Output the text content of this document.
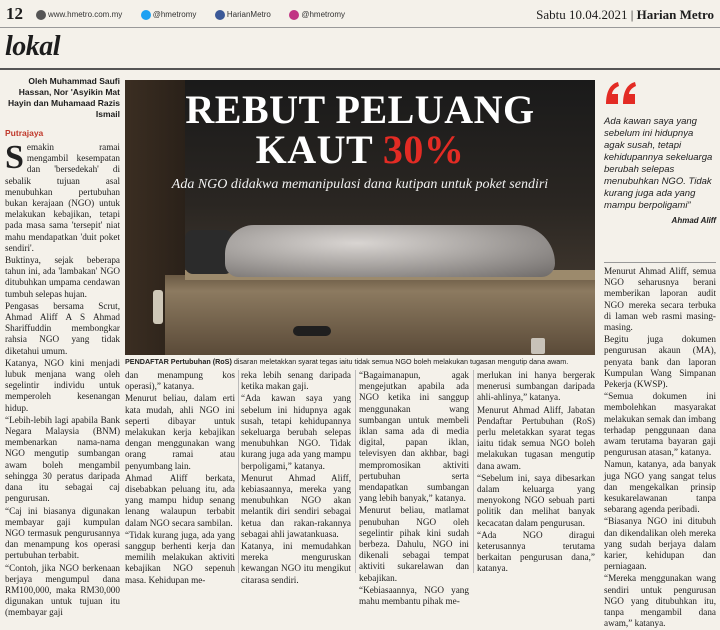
12	www.hmetro.com.my	@hmetromy	HarianMetro	@hmetromy	Sabtu 10.04.2021 | Harian Metro
lokal
Oleh Muhammad Saufi Hassan, Nor 'Asyikin Mat Hayin dan Muhamaad Razis Ismail
Putrajaya

Semakin ramai mengambil kesempatan dan 'bersedekah' di sebalik tujuan asal menubuhkan pertubuhan bukan kerajaan (NGO) untuk melakukan kebajikan, tetapi pada masa sama 'tersepit' niat mahu mendapatkan 'duit poket sendiri'.

Buktinya, sejak beberapa tahun ini, ada 'lambakan' NGO ditubuhkan umpama cendawan tumbuh selepas hujan.

Pengasas bersama Scrut, Ahmad Aliff A S Ahmad Shariffuddin membongkar rahsia NGO yang tidak diketahui umum.

Katanya, NGO kini menjadi lubuk menjana wang oleh segelintir individu untuk memperoleh kesenangan hidup.

“Lebih-lebih lagi apabila Bank Negara Malaysia (BNM) membenarkan nama-nama NGO mengutip sumbangan awam boleh mengambil sehingga 30 peratus daripada dana itu sebagai caj pengurusan.

“Caj ini biasanya digunakan membayar gaji kumpulan NGO termasuk pengurusannya dan menampung kos operasi pertubuhan terbabit.

“Contoh, jika NGO berkenaan berjaya mengumpul dana RM100,000, maka RM30,000 digunakan untuk tujuan itu (membayar gaji

REBUT PELUANG
KAUT 30%
Ada NGO didakwa memanipulasi dana kutipan untuk poket sendiri
PENDAFTAR Pertubuhan (RoS) disaran meletakkan syarat tegas iaitu tidak semua NGO boleh melakukan tugasan mengutip dana awam.

dan menampung kos operasi),” katanya.

Menurut beliau, dalam erti kata mudah, ahli NGO ini seperti dibayar untuk melakukan kerja kebajikan dengan menggunakan wang orang ramai atau penyumbang lain.

Ahmad Aliff berkata, disebabkan peluang itu, ada yang mampu hidup senang lenang walaupun terbabit dalam NGO secara sambilan.

“Tidak kurang juga, ada yang sanggup berhenti kerja dan memilih melakukan aktiviti kebajikan NGO sepenuh masa. Kehidupan me-

reka lebih senang daripada ketika makan gaji.

“Ada kawan saya yang sebelum ini hidupnya agak susah, tetapi kehidupannya sekeluarga berubah selepas menubuhkan NGO. Tidak kurang juga ada yang mampu berpoligami,” katanya.

Menurut Ahmad Aliff, kebiasaannya, mereka yang menubuhkan NGO akan melantik diri sendiri sebagai ketua dan rakan-rakannya sebagai ahli jawatankuasa.

Katanya, ini memudahkan mereka menguruskan kewangan NGO itu mengikut citarasa sendiri.

“Bagaimanapun, agak mengejutkan apabila ada NGO ketika ini sanggup menggunakan wang sumbangan untuk membeli iklan sama ada di media digital, papan iklan, televisyen dan akhbar, bagi mempromosikan aktiviti pertubuhan serta mendapatkan sumbangan yang lebih banyak,” katanya.

Menurut beliau, matlamat penubuhan NGO oleh segelintir pihak kini sudah berbeza. Dahulu, NGO ini dikenali sebagai tempat aktiviti sukarelawan dan kebajikan.

“Kebiasaannya, NGO yang mahu membantu pihak me-

merlukan ini hanya bergerak menerusi sumbangan daripada ahli-ahlinya,” katanya.

Menurut Ahmad Aliff, Jabatan Pendaftar Pertubuhan (RoS) perlu meletakkan syarat tegas iaitu tidak semua NGO boleh melakukan tugasan mengutip dana awam.

“Sebelum ini, saya dibesarkan dalam keluarga yang menyokong NGO sebuah parti politik dan melihat banyak kecacatan dalam pengurusan.

“Ada NGO diragui keterusannya terutama berkaitan pengurusan dana,” katanya.

Ada kawan saya yang sebelum ini hidupnya agak susah, tetapi kehidupannya sekeluarga berubah selepas menubuhkan NGO. Tidak kurang juga ada yang mampu berpoligami”
Ahmad Aliff

Menurut Ahmad Aliff, semua NGO seharusnya berani memberikan laporan audit NGO mereka secara terbuka di laman web rasmi masing-masing.

Begitu juga dokumen pengurusan akaun (MA), penyata bank dan laporan Kumpulan Wang Simpanan Pekerja (KWSP).

“Semua dokumen ini membolehkan masyarakat melakukan semak dan imbang terhadap penggunaan dana awam terutama bayaran gaji pengurusan atasan,” katanya.

Namun, katanya, ada banyak juga NGO yang sangat telus dan mengekalkan prinsip kesukarelawanan tanpa sebarang agenda peribadi.

“Biasanya NGO ini ditubuh dan dikendalikan oleh mereka yang sudah berjaya dalam karier, kehidupan dan perniagaan.

“Mereka menggunakan wang sendiri untuk pengurusan NGO yang ditubuhkan itu, tanpa mengambil dana awam,” katanya.
